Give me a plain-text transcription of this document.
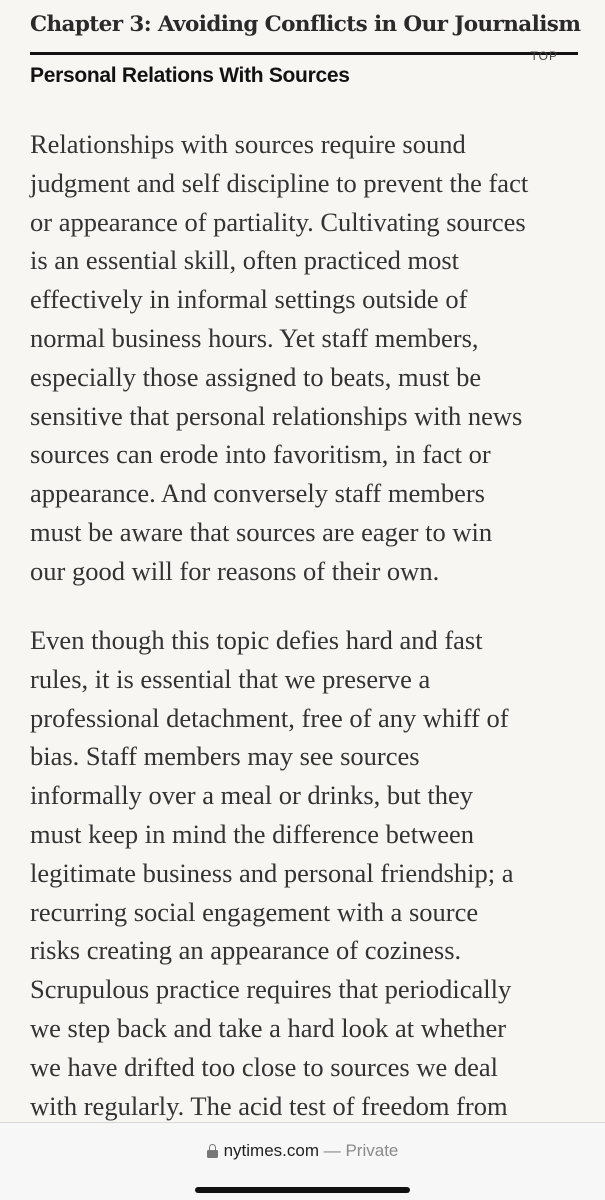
Chapter 3: Avoiding Conflicts in Our Journalism
TOP
Personal Relations With Sources

Relationships with sources require sound
judgment and self discipline to prevent the fact
or appearance of partiality. Cultivating sources
is an essential skill, often practiced most
effectively in informal settings outside of
normal business hours. Yet staff members,
especially those assigned to beats, must be
sensitive that personal relationships with news
sources can erode into favoritism, in fact or
appearance. And conversely staff members
must be aware that sources are eager to win
our good will for reasons of their own.

Even though this topic defies hard and fast
rules, it is essential that we preserve a
professional detachment, free of any whiff of
bias. Staff members may see sources
informally over a meal or drinks, but they
must keep in mind the difference between
legitimate business and personal friendship; a
recurring social engagement with a source
risks creating an appearance of coziness.
Scrupulous practice requires that periodically
we step back and take a hard look at whether
we have drifted too close to sources we deal
with regularly. The acid test of freedom from

nytimes.com — Private
